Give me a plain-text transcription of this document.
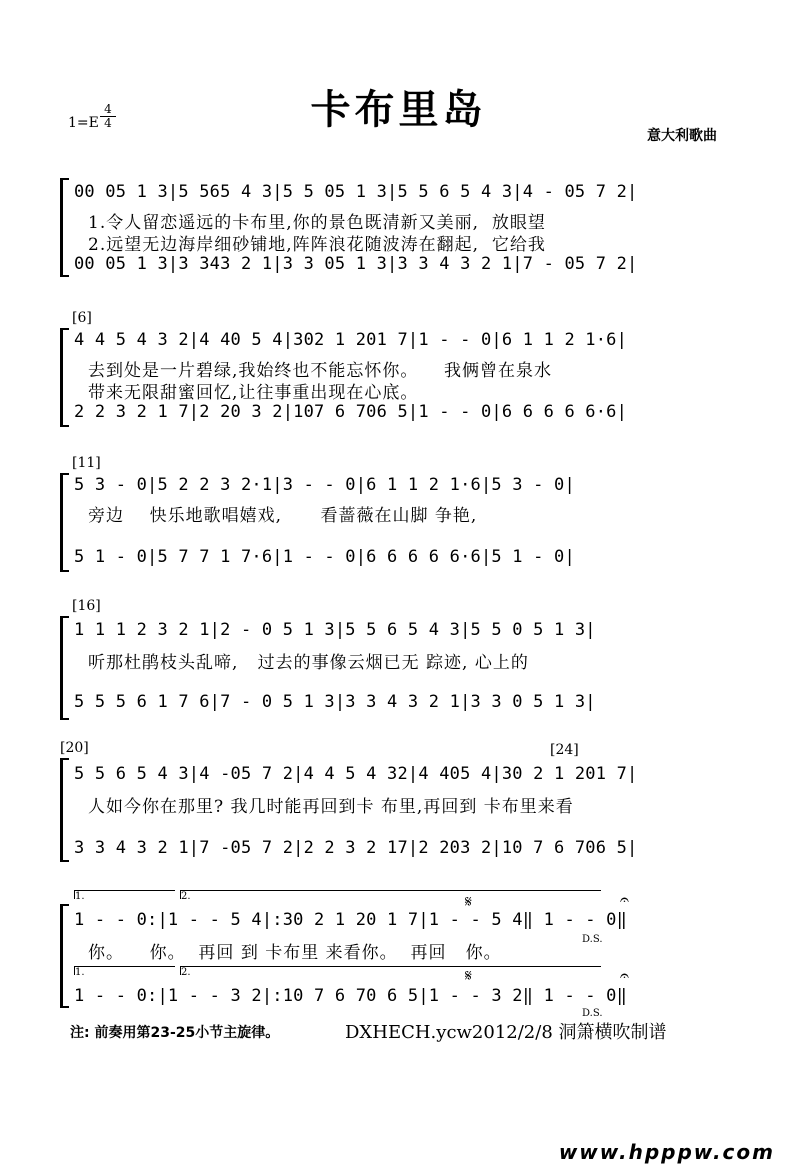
卡布里岛
1=E
4
4
意大利歌曲
00 05 1 3|5 565 4 3|5 5 05 1 3|5 5 6 5 4 3|4 - 05 7 2|
1.令人留恋遥远的卡布里,你的景色既清新又美丽,  放眼望
2.远望无边海岸细砂铺地,阵阵浪花随波涛在翻起,  它给我
00 05 1 3|3 343 2 1|3 3 05 1 3|3 3 4 3 2 1|7 - 05 7 2|
[6]
4 4 5 4 3 2|4 40 5 4|302 1 201 7|1 - - 0|6 1 1 2 1·6|
去到处是一片碧绿,我始终也不能忘怀你。    我俩曾在泉水
带来无限甜蜜回忆,让往事重出现在心底。
2 2 3 2 1 7|2 20 3 2|107 6 706 5|1 - - 0|6 6 6 6 6·6|
[11]
5 3 - 0|5 2 2 3 2·1|3 - - 0|6 1 1 2 1·6|5 3 - 0|
旁边    快乐地歌唱嬉戏,      看蔷薇在山脚 争艳,
5 1 - 0|5 7 7 1 7·6|1 - - 0|6 6 6 6 6·6|5 1 - 0|
[16]
1 1 1 2 3 2 1|2 - 0 5 1 3|5 5 6 5 4 3|5 5 0 5 1 3|
听那杜鹃枝头乱啼,   过去的事像云烟已无 踪迹, 心上的
5 5 5 6 1 7 6|7 - 0 5 1 3|3 3 4 3 2 1|3 3 0 5 1 3|
[20]	[24]
5 5 6 5 4 3|4 -05 7 2|4 4 5 4 32|4 405 4|30 2 1 201 7|
人如今你在那里? 我几时能再回到卡 布里,再回到 卡布里来看
3 3 4 3 2 1|7 -05 7 2|2 2 3 2 17|2 203 2|10 7 6 706 5|
1.	2.	𝄋	𝄐
1 - - 0:|1 - - 5 4|:30 2 1 20 1 7|1 - - 5 4‖ 1 - - 0‖
你。    你。  再回 到 卡布里 来看你。  再回   你。
D.S.
1.	2.	𝄋	𝄐
1 - - 0:|1 - - 3 2|:10 7 6 70 6 5|1 - - 3 2‖ 1 - - 0‖
D.S.
注: 前奏用第23-25小节主旋律。	DXHECH.ycw2012/2/8 洞箫横吹制谱
www.hpppw.com
